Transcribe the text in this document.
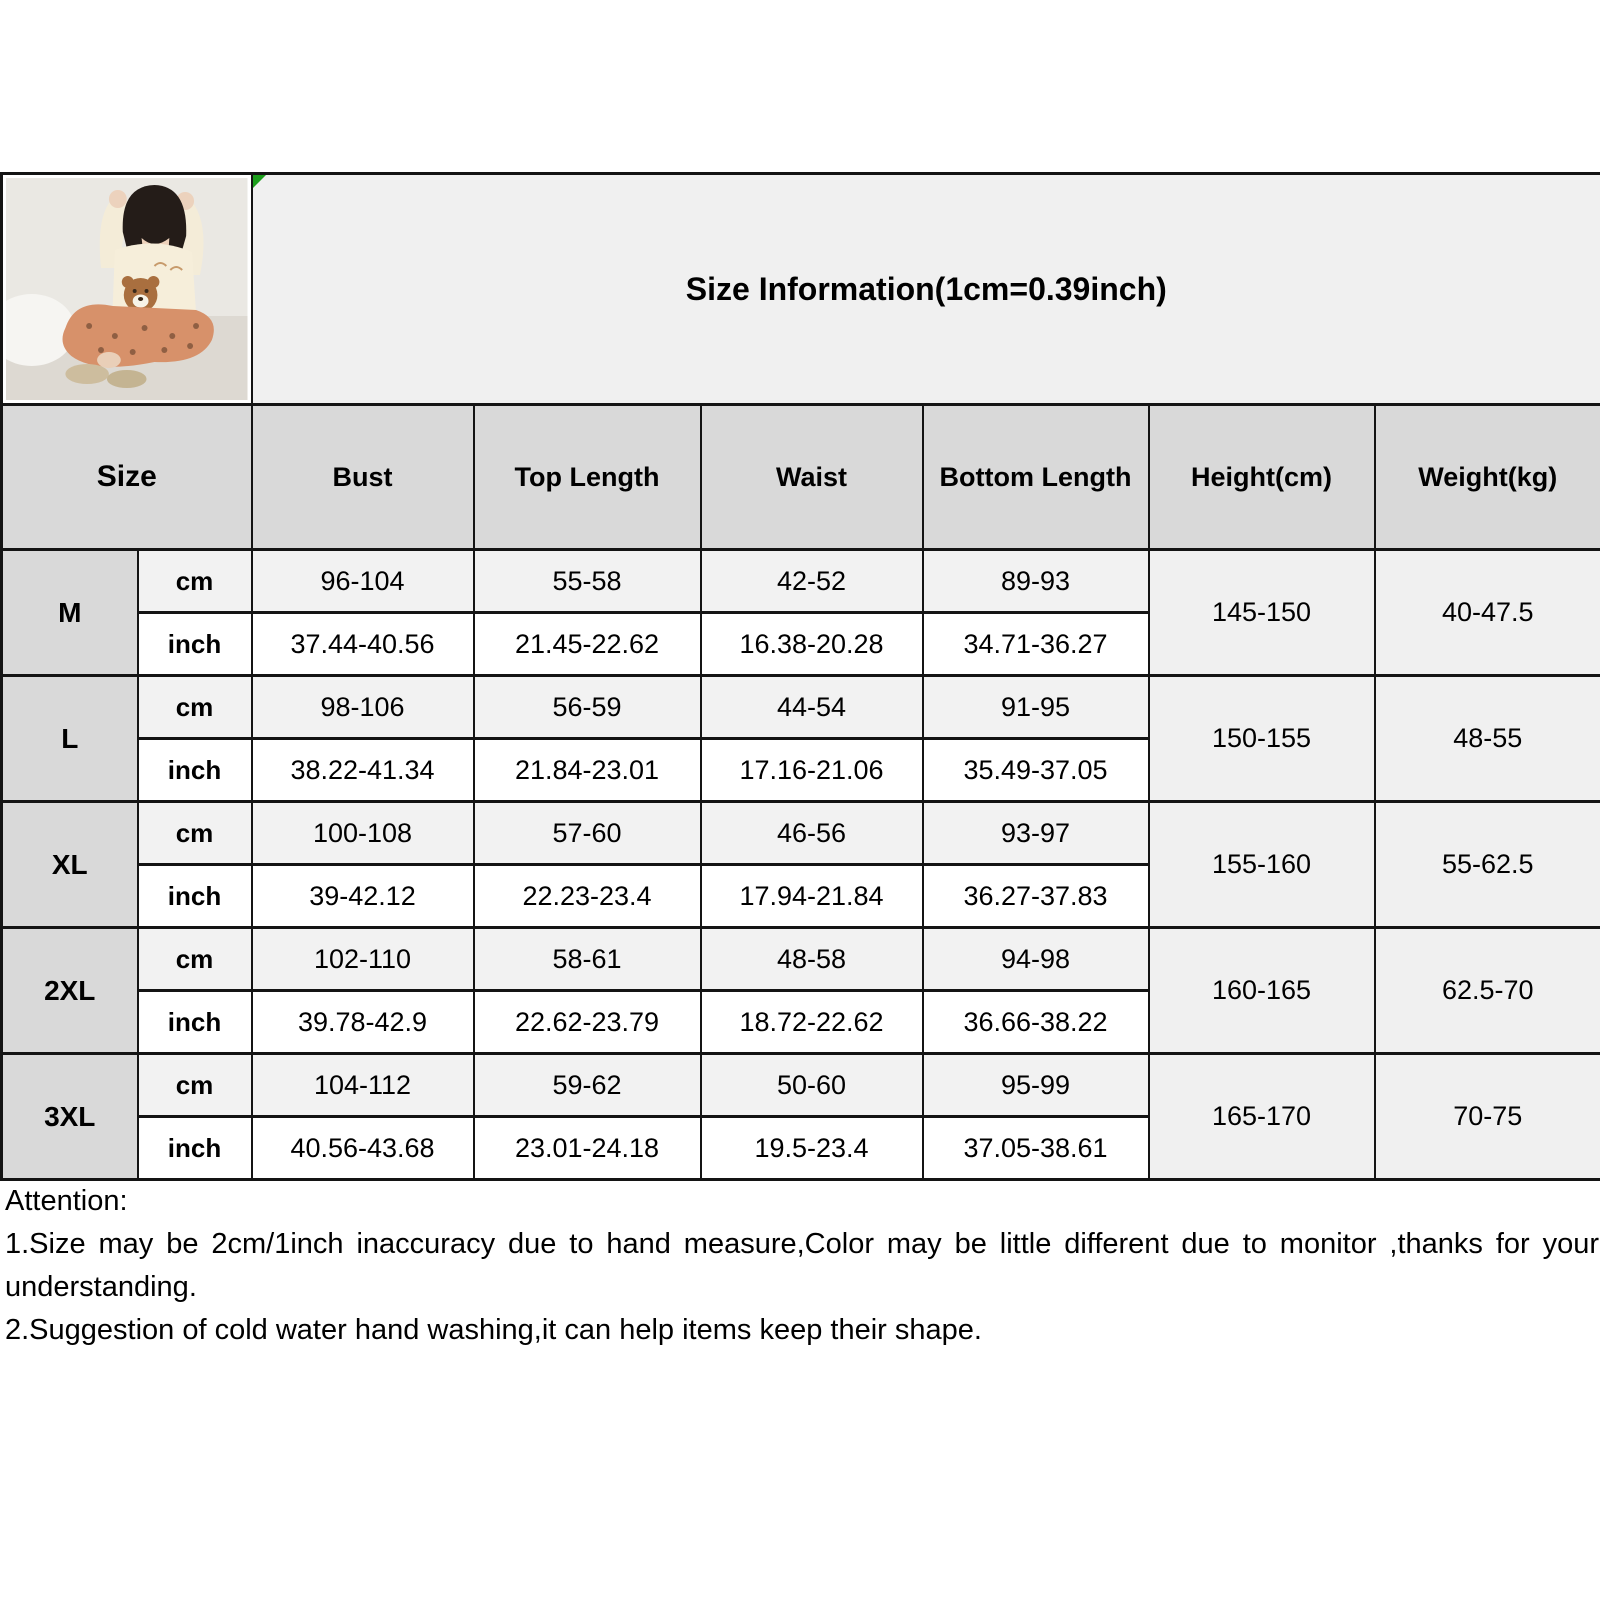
Size Information(1cm=0.39inch)					
Size		Bust	Top Length	Waist	Bottom Length	Height(cm)	Weight(kg)
M	cm	96-104	55-58	42-52	89-93	145-150	40-47.5
	inch	37.44-40.56	21.45-22.62	16.38-20.28	34.71-36.27		
L	cm	98-106	56-59	44-54	91-95	150-155	48-55
	inch	38.22-41.34	21.84-23.01	17.16-21.06	35.49-37.05		
XL	cm	100-108	57-60	46-56	93-97	155-160	55-62.5
	inch	39-42.12	22.23-23.4	17.94-21.84	36.27-37.83		
2XL	cm	102-110	58-61	48-58	94-98	160-165	62.5-70
	inch	39.78-42.9	22.62-23.79	18.72-22.62	36.66-38.22		
3XL	cm	104-112	59-62	50-60	95-99	165-170	70-75
	inch	40.56-43.68	23.01-24.18	19.5-23.4	37.05-38.61		

Attention:

1.Size may be 2cm/1inch inaccuracy due to hand measure,Color may be little different due to monitor ,thanks for your understanding.

2.Suggestion of cold water hand washing,it can help items keep their shape.
